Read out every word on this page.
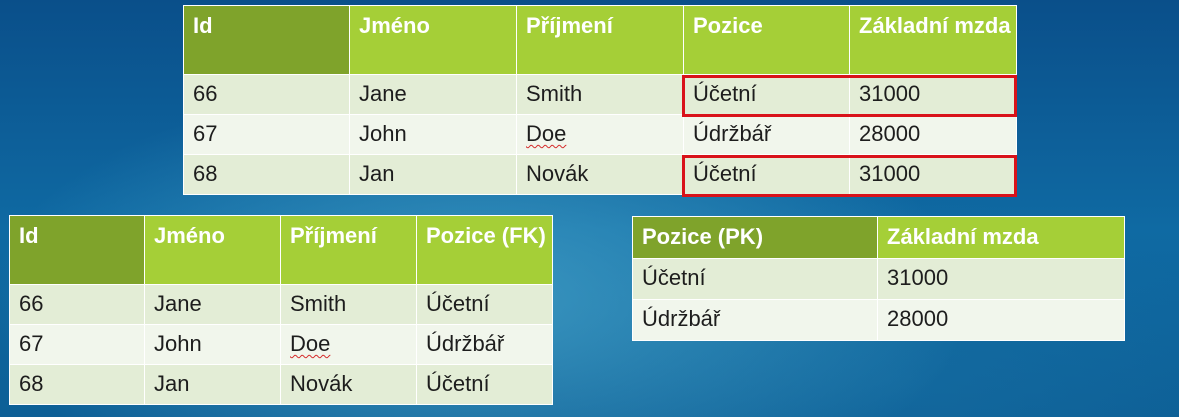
Id	Jméno	Příjmení	Pozice	Základní mzda
66	Jane	Smith	Účetní	31000
67	John	Doe	Údržbář	28000
68	Jan	Novák	Účetní	31000
Id	Jméno	Příjmení	Pozice (FK)
66	Jane	Smith	Účetní
67	John	Doe	Údržbář
68	Jan	Novák	Účetní
Pozice (PK)	Základní mzda
Účetní	31000
Údržbář	28000
